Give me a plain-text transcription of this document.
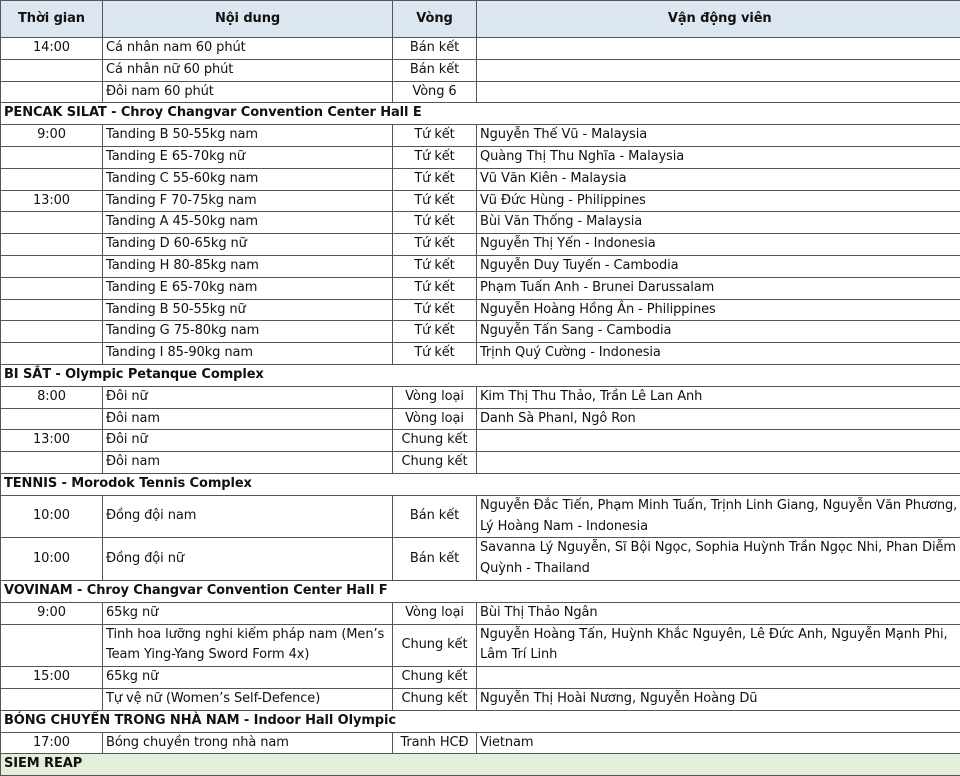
Thời gian	Nội dung	Vòng	Vận động viên
14:00	Cá nhân nam 60 phút	Bán kết	
	Cá nhân nữ 60 phút	Bán kết	
	Đôi nam 60 phút	Vòng 6	
PENCAK SILAT - Chroy Changvar Convention Center Hall E			
9:00	Tanding B 50-55kg nam	Tứ kết	Nguyễn Thế Vũ - Malaysia
	Tanding E 65-70kg nữ	Tứ kết	Quàng Thị Thu Nghĩa - Malaysia
	Tanding C 55-60kg nam	Tứ kết	Vũ Văn Kiên - Malaysia
13:00	Tanding F 70-75kg nam	Tứ kết	Vũ Đức Hùng - Philippines
	Tanding A 45-50kg nam	Tứ kết	Bùi Văn Thống - Malaysia
	Tanding D 60-65kg nữ	Tứ kết	Nguyễn Thị Yến - Indonesia
	Tanding H 80-85kg nam	Tứ kết	Nguyễn Duy Tuyến - Cambodia
	Tanding E 65-70kg nam	Tứ kết	Phạm Tuấn Anh - Brunei Darussalam
	Tanding B 50-55kg nữ	Tứ kết	Nguyễn Hoàng Hồng Ân - Philippines
	Tanding G 75-80kg nam	Tứ kết	Nguyễn Tấn Sang - Cambodia
	Tanding I 85-90kg nam	Tứ kết	Trịnh Quý Cường - Indonesia
BI SẮT - Olympic Petanque Complex			
8:00	Đôi nữ	Vòng loại	Kim Thị Thu Thảo, Trần Lê Lan Anh
	Đôi nam	Vòng loại	Danh Sà Phanl, Ngô Ron
13:00	Đôi nữ	Chung kết	
	Đôi nam	Chung kết	
TENNIS - Morodok Tennis Complex			
10:00	Đồng đội nam	Bán kết	Nguyễn Đắc Tiến, Phạm Minh Tuấn, Trịnh Linh Giang, Nguyễn Văn Phương, Lý Hoàng Nam - Indonesia
10:00	Đồng đội nữ	Bán kết	Savanna Lý Nguyễn, Sĩ Bội Ngọc, Sophia Huỳnh Trần Ngọc Nhi, Phan Diễm Quỳnh - Thailand
VOVINAM - Chroy Changvar Convention Center Hall F			
9:00	65kg nữ	Vòng loại	Bùi Thị Thảo Ngân
	Tinh hoa lưỡng nghi kiếm pháp nam (Men’s Team Ying-Yang Sword Form 4x)	Chung kết	Nguyễn Hoàng Tấn, Huỳnh Khắc Nguyên, Lê Đức Anh, Nguyễn Mạnh Phi, Lâm Trí Linh
15:00	65kg nữ	Chung kết	
	Tự vệ nữ (Women’s Self-Defence)	Chung kết	Nguyễn Thị Hoài Nương, Nguyễn Hoàng Dũ
BÓNG CHUYỀN TRONG NHÀ NAM - Indoor Hall Olympic			
17:00	Bóng chuyền trong nhà nam	Tranh HCĐ	Vietnam
SIEM REAP			
